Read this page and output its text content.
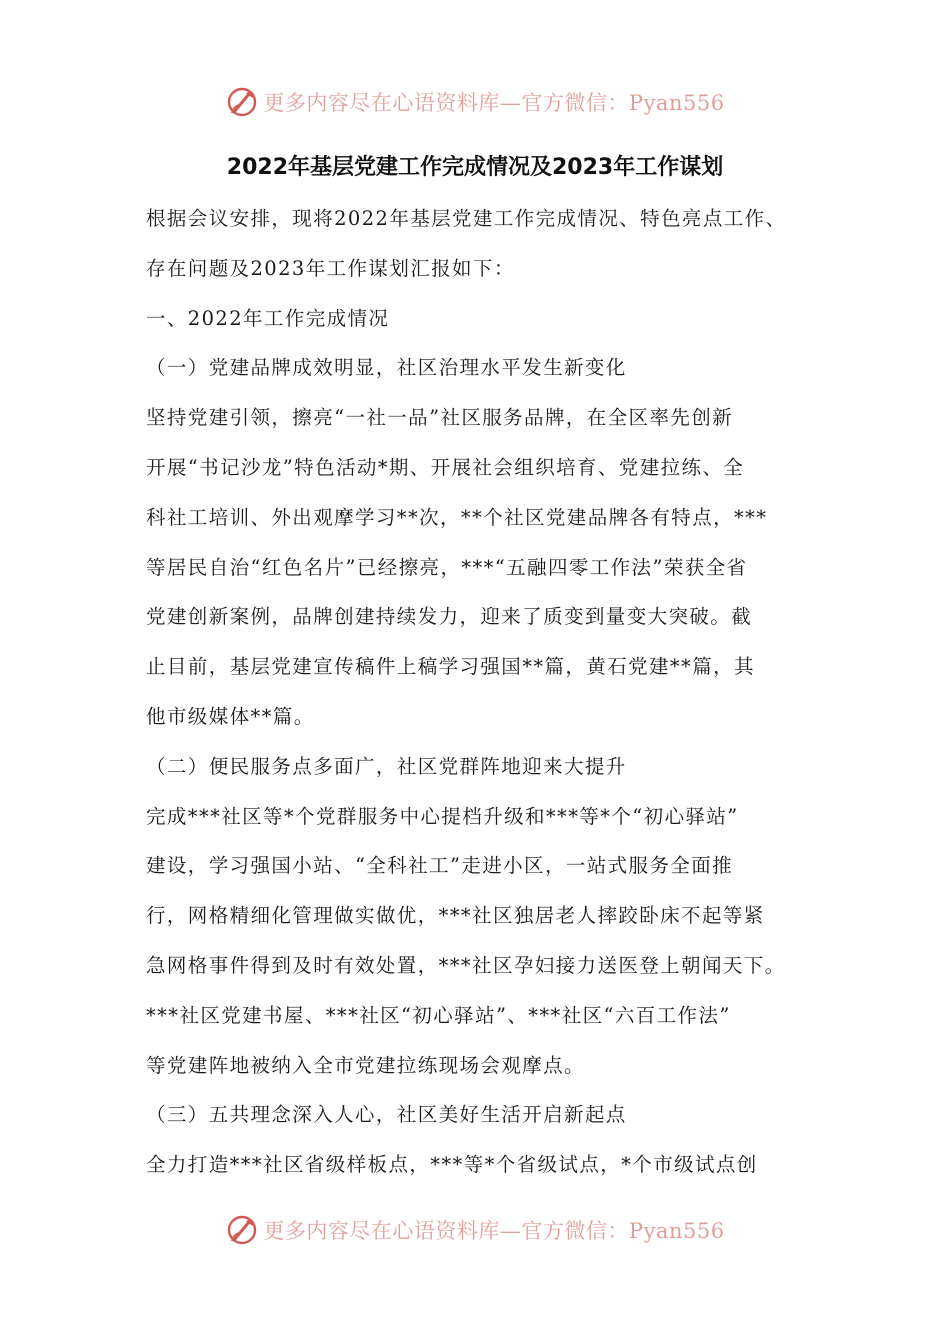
更多内容尽在心语资料库—官方微信：Pyan556
2022年基层党建工作完成情况及2023年工作谋划
根据会议安排，现将2022年基层党建工作完成情况、特色亮点工作、
存在问题及2023年工作谋划汇报如下：
一、2022年工作完成情况
（一）党建品牌成效明显，社区治理水平发生新变化
坚持党建引领，擦亮“一社一品”社区服务品牌，在全区率先创新
开展“书记沙龙”特色活动*期、开展社会组织培育、党建拉练、全
科社工培训、外出观摩学习**次，**个社区党建品牌各有特点，***
等居民自治“红色名片”已经擦亮，***“五融四零工作法”荣获全省
党建创新案例，品牌创建持续发力，迎来了质变到量变大突破。截
止目前，基层党建宣传稿件上稿学习强国**篇，黄石党建**篇，其
他市级媒体**篇。
（二）便民服务点多面广，社区党群阵地迎来大提升
完成***社区等*个党群服务中心提档升级和***等*个“初心驿站”
建设，学习强国小站、“全科社工”走进小区，一站式服务全面推
行，网格精细化管理做实做优，***社区独居老人摔跤卧床不起等紧
急网格事件得到及时有效处置，***社区孕妇接力送医登上朝闻天下。
***社区党建书屋、***社区“初心驿站”、***社区“六百工作法”
等党建阵地被纳入全市党建拉练现场会观摩点。
（三）五共理念深入人心，社区美好生活开启新起点
全力打造***社区省级样板点，***等*个省级试点，*个市级试点创
更多内容尽在心语资料库—官方微信：Pyan556
